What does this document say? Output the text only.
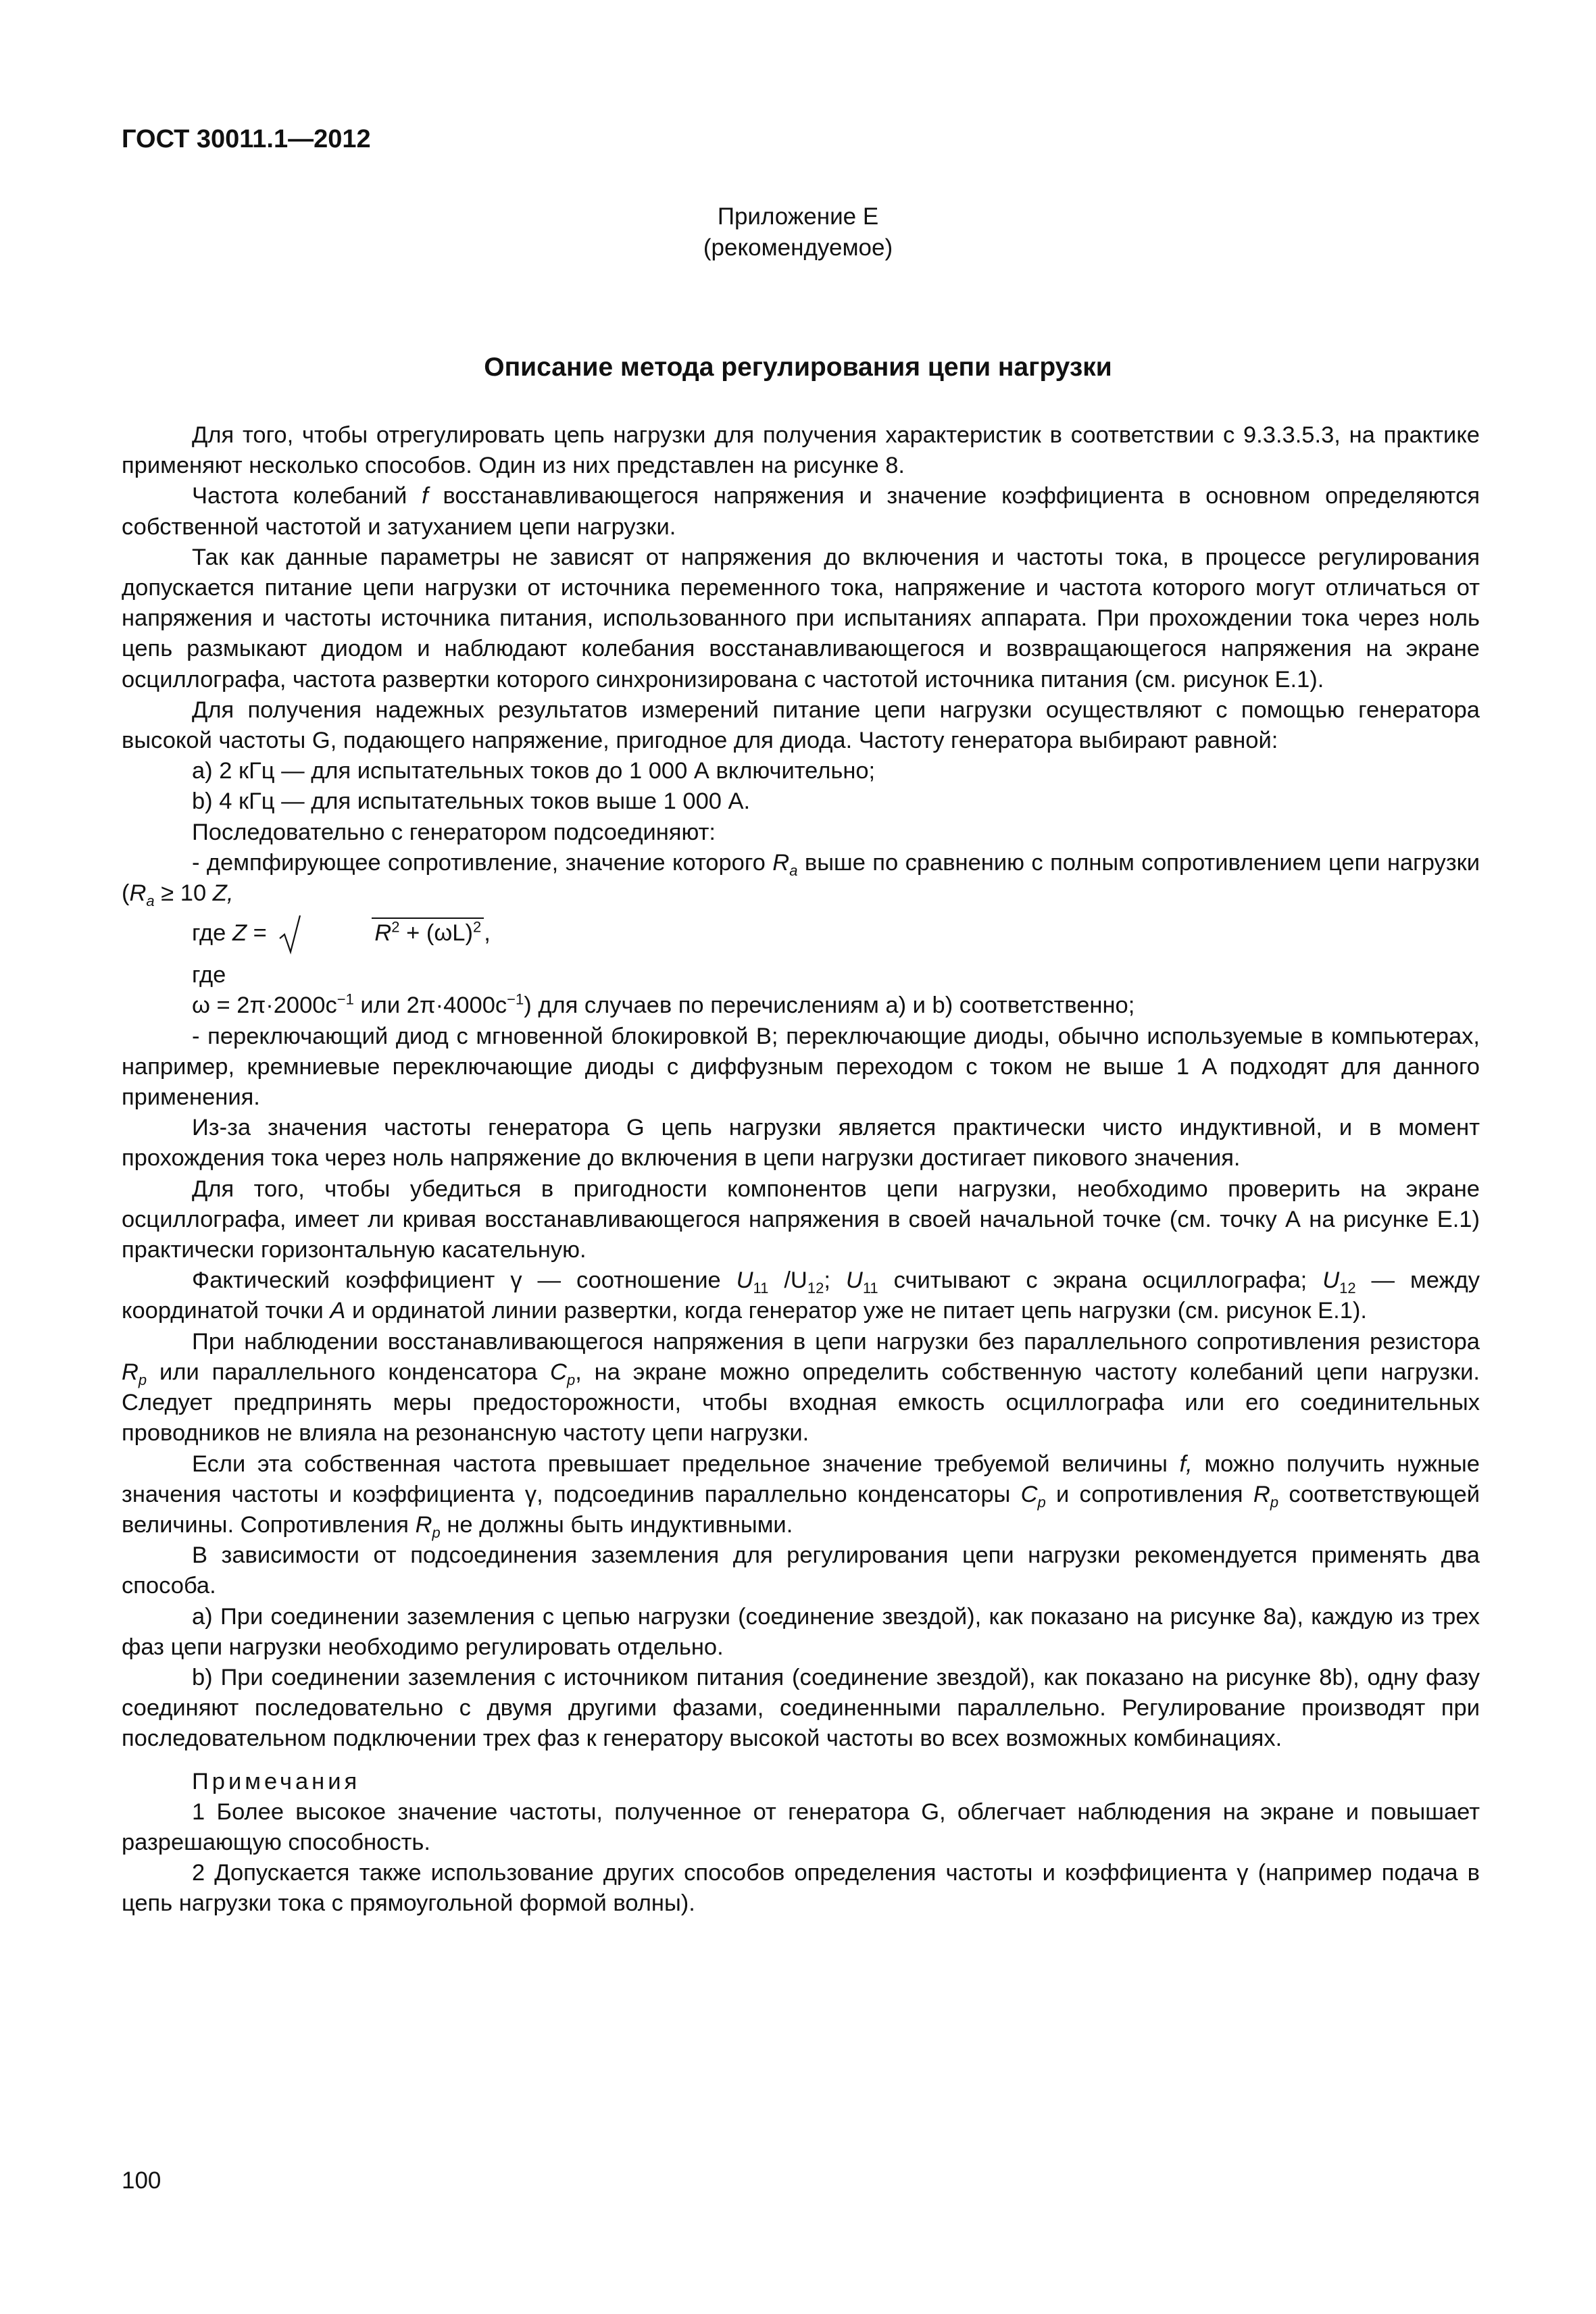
ГОСТ 30011.1—2012
Приложение Е
(рекомендуемое)
Описание метода регулирования цепи нагрузки

Для того, чтобы отрегулировать цепь нагрузки для получения характеристик в соответствии с 9.3.3.5.3, на практике применяют несколько способов. Один из них представлен на рисунке 8.

Частота колебаний f восстанавливающегося напряжения и значение коэффициента в основном определяются собственной частотой и затуханием цепи нагрузки.

Так как данные параметры не зависят от напряжения до включения и частоты тока, в процессе регулирования допускается питание цепи нагрузки от источника переменного тока, напряжение и частота которого могут отличаться от напряжения и частоты источника питания, использованного при испытаниях аппарата. При прохождении тока через ноль цепь размыкают диодом и наблюдают колебания восстанавливающегося и возвращающегося напряжения на экране осциллографа, частота развертки которого синхронизирована с частотой источника питания (см. рисунок Е.1).

Для получения надежных результатов измерений питание цепи нагрузки осуществляют с помощью генератора высокой частоты G, подающего напряжение, пригодное для диода. Частоту генератора выбирают равной:

a) 2 кГц — для испытательных токов до 1 000 А включительно;

b) 4 кГц — для испытательных токов выше 1 000 А.

Последовательно с генератором подсоединяют:

- демпфирующее сопротивление, значение которого $R_a$ выше по сравнению с полным сопротивлением цепи нагрузки ($R_a \ge 10$ Z,

где Z =	$R^2 + (\omega L)^2$ ,

где

$\omega = 2\pi\cdot 2000с^{-1}$ или $2\pi\cdot 4000с^{-1}$) для случаев по перечислениям а) и b) соответственно;

- переключающий диод с мгновенной блокировкой В; переключающие диоды, обычно используемые в компьютерах, например, кремниевые переключающие диоды с диффузным переходом с током не выше 1 А подходят для данного применения.

Из-за значения частоты генератора G цепь нагрузки является практически чисто индуктивной, и в момент прохождения тока через ноль напряжение до включения в цепи нагрузки достигает пикового значения.

Для того, чтобы убедиться в пригодности компонентов цепи нагрузки, необходимо проверить на экране осциллографа, имеет ли кривая восстанавливающегося напряжения в своей начальной точке (см. точку А на рисунке Е.1) практически горизонтальную касательную.

Фактический коэффициент γ — соотношение $U_{11}$ $/U_{12}$; $U_{11}$ считывают с экрана осциллографа; $U_{12}$ — между координатой точки A и ординатой линии развертки, когда генератор уже не питает цепь нагрузки (см. рисунок Е.1).

При наблюдении восстанавливающегося напряжения в цепи нагрузки без параллельного сопротивления резистора $R_p$ или параллельного конденсатора $C_p$, на экране можно определить собственную частоту колебаний цепи нагрузки. Следует предпринять меры предосторожности, чтобы входная емкость осциллографа или его соединительных проводников не влияла на резонансную частоту цепи нагрузки.

Если эта собственная частота превышает предельное значение требуемой величины f, можно получить нужные значения частоты и коэффициента γ, подсоединив параллельно конденсаторы $C_p$ и сопротивления $R_p$ соответствующей величины. Сопротивления $R_p$ не должны быть индуктивными.

В зависимости от подсоединения заземления для регулирования цепи нагрузки рекомендуется применять два способа.

а) При соединении заземления с цепью нагрузки (соединение звездой), как показано на рисунке 8а), каждую из трех фаз цепи нагрузки необходимо регулировать отдельно.

b) При соединении заземления с источником питания (соединение звездой), как показано на рисунке 8b), одну фазу соединяют последовательно с двумя другими фазами, соединенными параллельно. Регулирование производят при последовательном подключении трех фаз к генератору высокой частоты во всех возможных комбинациях.

Примечания

1 Более высокое значение частоты, полученное от генератора G, облегчает наблюдения на экране и повышает разрешающую способность.

2 Допускается также использование других способов определения частоты и коэффициента γ (например подача в цепь нагрузки тока с прямоугольной формой волны).

100
